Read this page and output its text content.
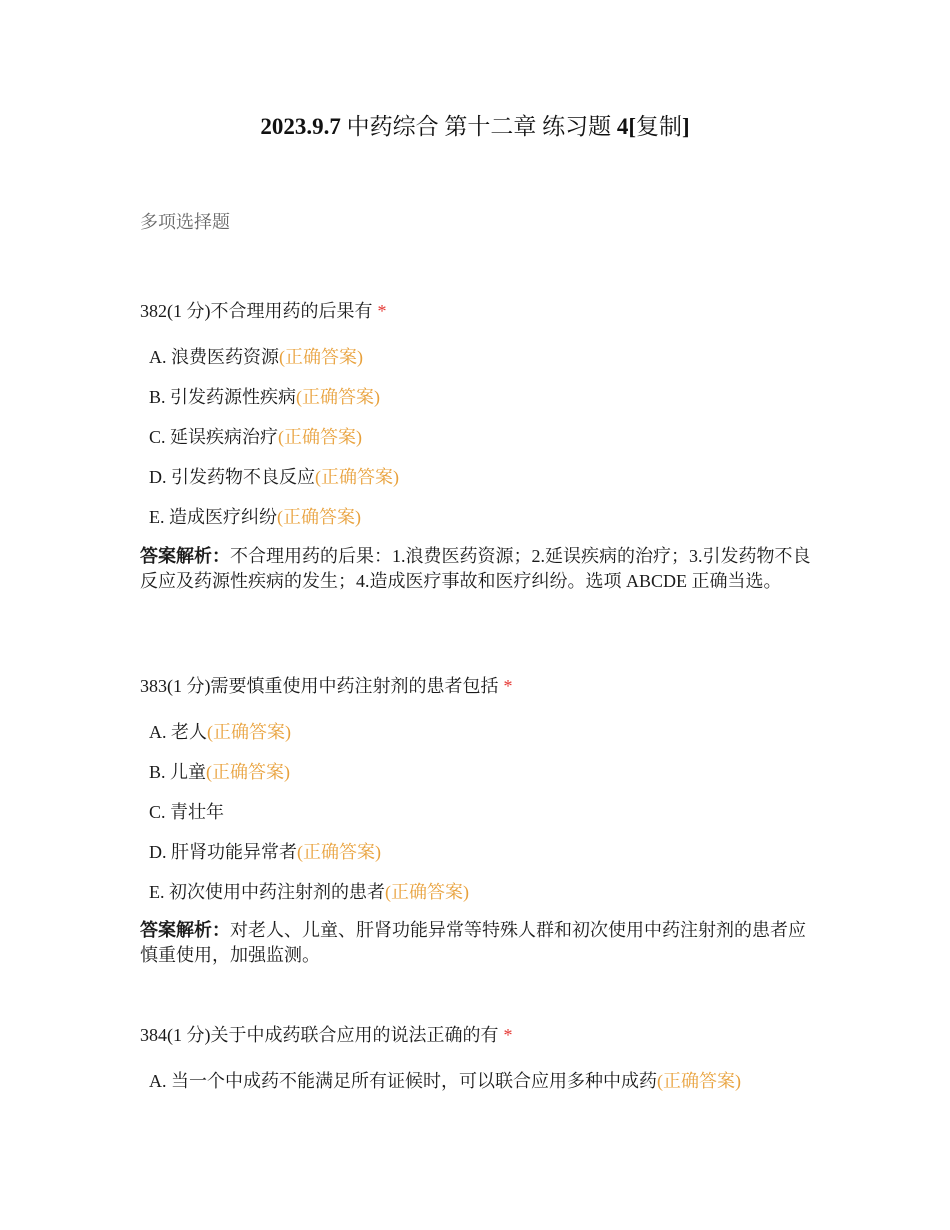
2023.9.7 中药综合 第十二章 练习题 4[复制]
多项选择题
382(1 分)不合理用药的后果有 *
A. 浪费医药资源(正确答案)
B. 引发药源性疾病(正确答案)
C. 延误疾病治疗(正确答案)
D. 引发药物不良反应(正确答案)
E. 造成医疗纠纷(正确答案)
答案解析：不合理用药的后果：1.浪费医药资源；2.延误疾病的治疗；3.引发药物不良反应及药源性疾病的发生；4.造成医疗事故和医疗纠纷。选项 ABCDE 正确当选。
383(1 分)需要慎重使用中药注射剂的患者包括 *
A. 老人(正确答案)
B. 儿童(正确答案)
C. 青壮年
D. 肝肾功能异常者(正确答案)
E. 初次使用中药注射剂的患者(正确答案)
答案解析：对老人、儿童、肝肾功能异常等特殊人群和初次使用中药注射剂的患者应慎重使用，加强监测。
384(1 分)关于中成药联合应用的说法正确的有 *
A. 当一个中成药不能满足所有证候时，可以联合应用多种中成药(正确答案)
